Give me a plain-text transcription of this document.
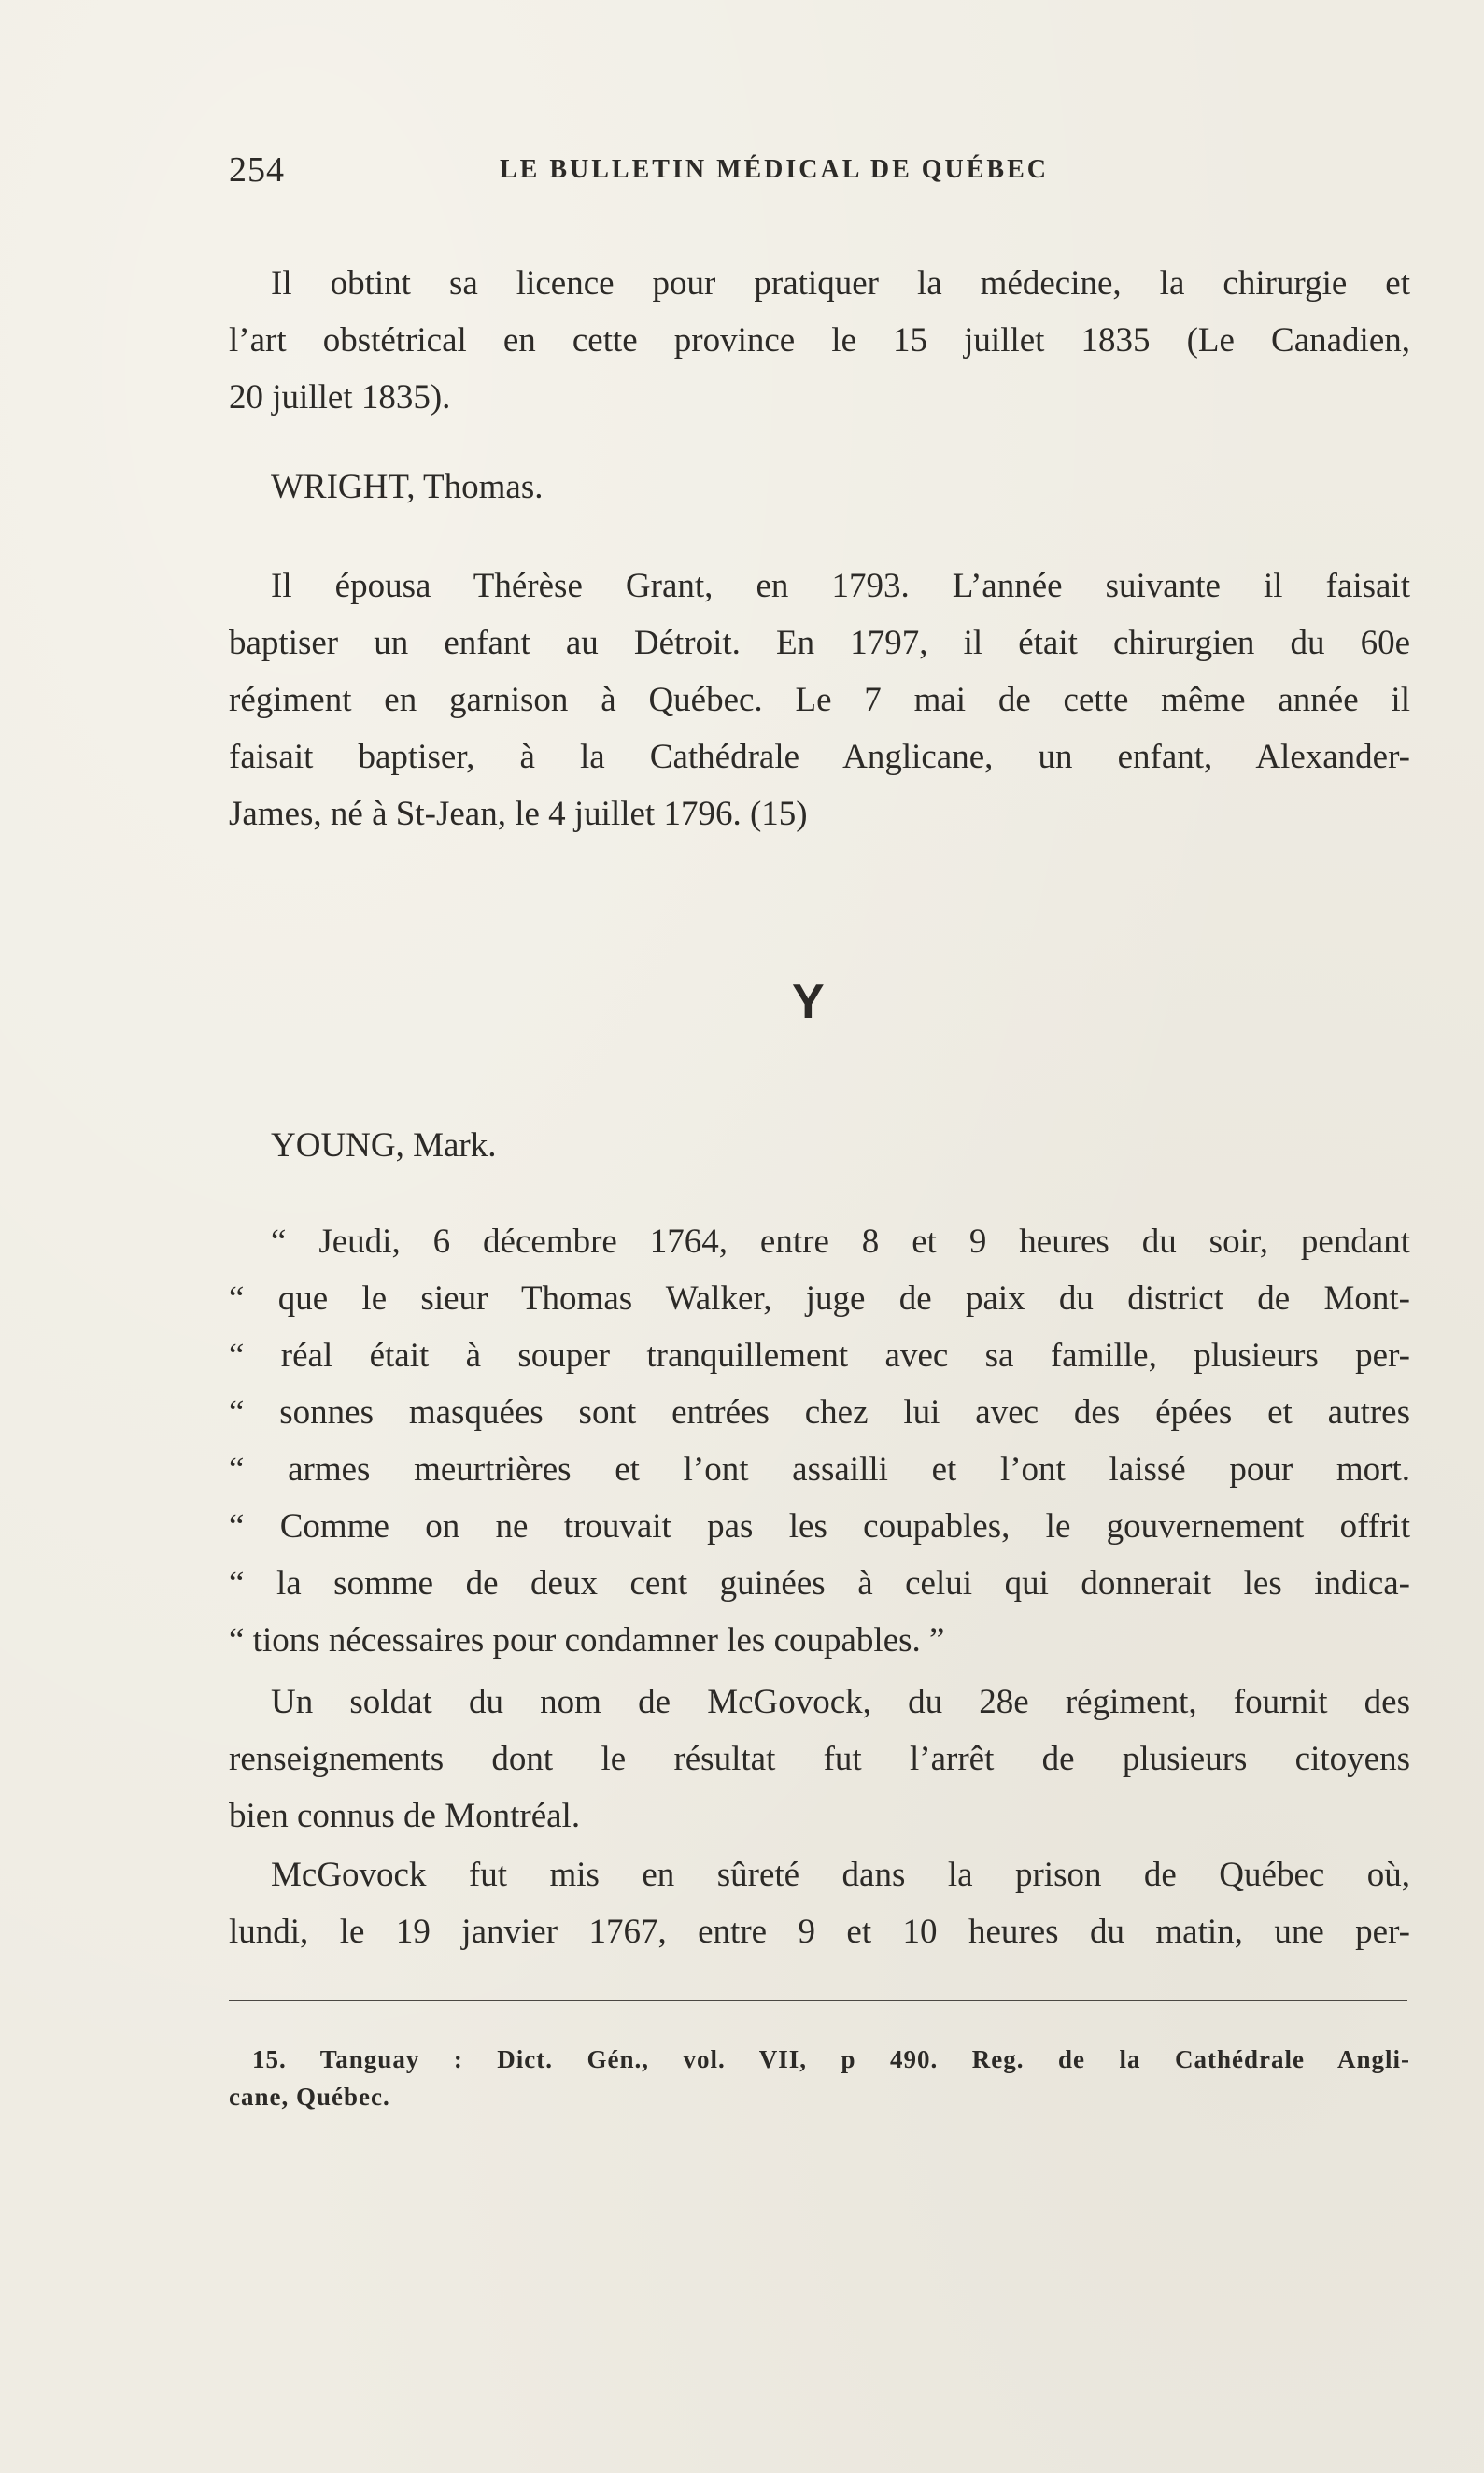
254	LE BULLETIN MÉDICAL DE QUÉBEC
Il obtint sa licence pour pratiquer la médecine, la chirurgie et
l’art obstétrical en cette province le 15 juillet 1835 (Le Canadien,
20 juillet 1835).
WRIGHT, Thomas.
Il épousa Thérèse Grant, en 1793. L’année suivante il faisait
baptiser un enfant au Détroit. En 1797, il était chirurgien du 60e
régiment en garnison à Québec. Le 7 mai de cette même année il
faisait baptiser, à la Cathédrale Anglicane, un enfant, Alexander-
James, né à St-Jean, le 4 juillet 1796. (15)
Y
YOUNG, Mark.
“ Jeudi, 6 décembre 1764, entre 8 et 9 heures du soir, pendant
“ que le sieur Thomas Walker, juge de paix du district de Mont-
“ réal était à souper tranquillement avec sa famille, plusieurs per-
“ sonnes masquées sont entrées chez lui avec des épées et autres
“ armes meurtrières et l’ont assailli et l’ont laissé pour mort.
“ Comme on ne trouvait pas les coupables, le gouvernement offrit
“ la somme de deux cent guinées à celui qui donnerait les indica-
“ tions nécessaires pour condamner les coupables. ”
Un soldat du nom de McGovock, du 28e régiment, fournit des
renseignements dont le résultat fut l’arrêt de plusieurs citoyens
bien connus de Montréal.
McGovock fut mis en sûreté dans la prison de Québec où,
lundi, le 19 janvier 1767, entre 9 et 10 heures du matin, une per-
15. Tanguay : Dict. Gén., vol. VII, p 490. Reg. de la Cathédrale Angli-
cane, Québec.
